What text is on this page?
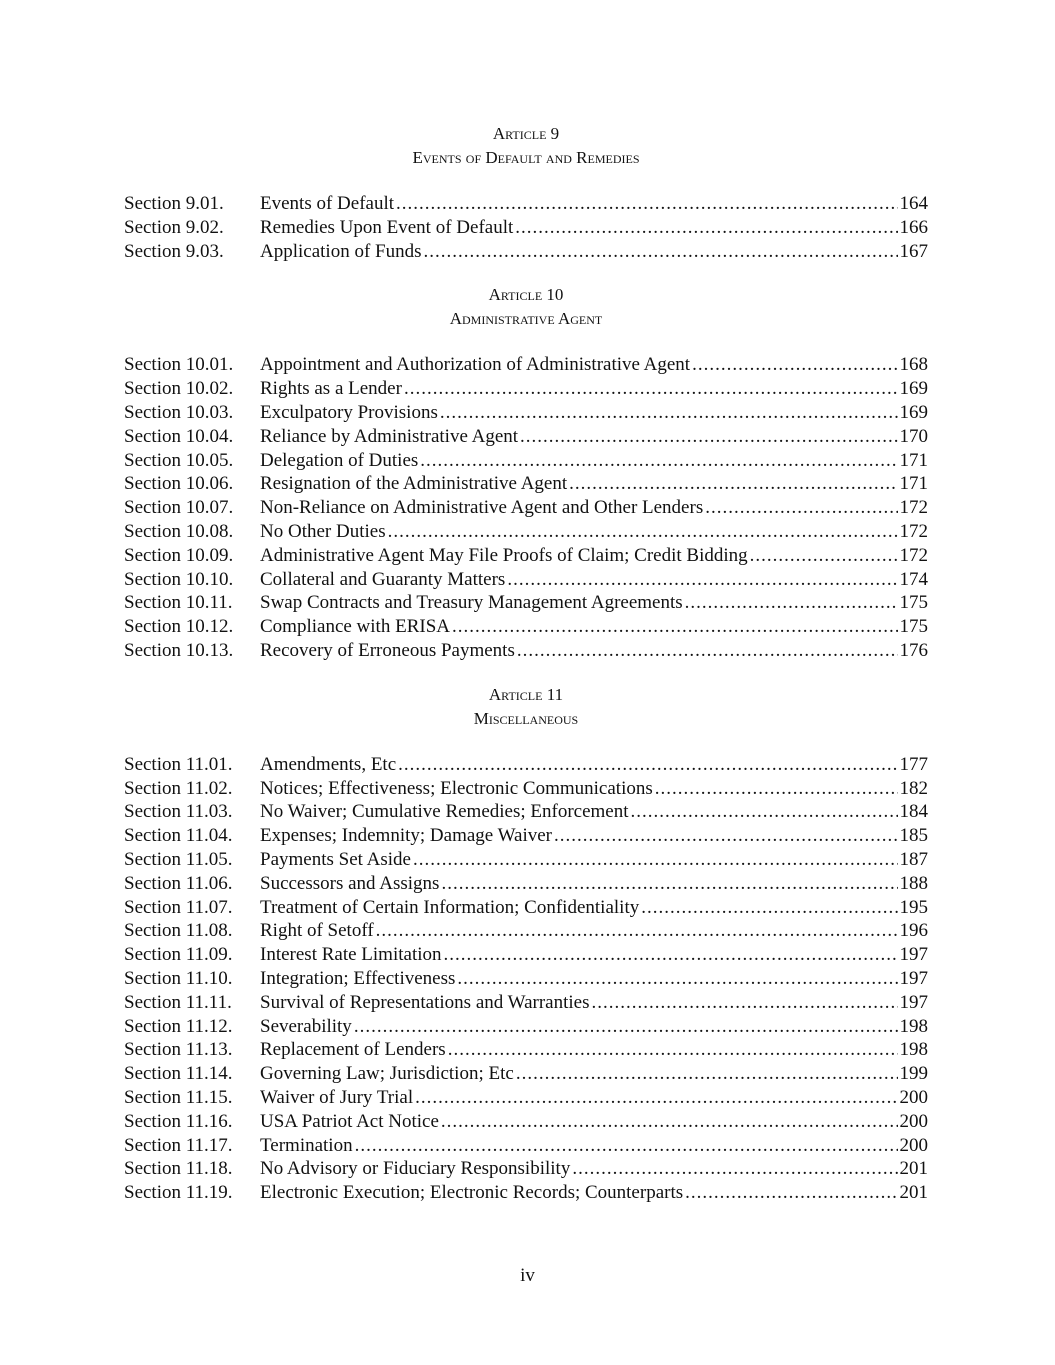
Article 9
Events of Default and Remedies
Section 9.01.	Events of Default .....	164
Section 9.02.	Remedies Upon Event of Default .....	166
Section 9.03.	Application of Funds .....	167
Article 10
Administrative Agent
Section 10.01.	Appointment and Authorization of Administrative Agent .....	168
Section 10.02.	Rights as a Lender .....	169
Section 10.03.	Exculpatory Provisions .....	169
Section 10.04.	Reliance by Administrative Agent .....	170
Section 10.05.	Delegation of Duties .....	171
Section 10.06.	Resignation of the Administrative Agent .....	171
Section 10.07.	Non-Reliance on Administrative Agent and Other Lenders .....	172
Section 10.08.	No Other Duties .....	172
Section 10.09.	Administrative Agent May File Proofs of Claim; Credit Bidding .....	172
Section 10.10.	Collateral and Guaranty Matters .....	174
Section 10.11.	Swap Contracts and Treasury Management Agreements .....	175
Section 10.12.	Compliance with ERISA .....	175
Section 10.13.	Recovery of Erroneous Payments .....	176
Article 11
Miscellaneous
Section 11.01.	Amendments, Etc .....	177
Section 11.02.	Notices; Effectiveness; Electronic Communications .....	182
Section 11.03.	No Waiver; Cumulative Remedies; Enforcement .....	184
Section 11.04.	Expenses; Indemnity; Damage Waiver .....	185
Section 11.05.	Payments Set Aside .....	187
Section 11.06.	Successors and Assigns .....	188
Section 11.07.	Treatment of Certain Information; Confidentiality .....	195
Section 11.08.	Right of Setoff .....	196
Section 11.09.	Interest Rate Limitation .....	197
Section 11.10.	Integration; Effectiveness .....	197
Section 11.11.	Survival of Representations and Warranties .....	197
Section 11.12.	Severability .....	198
Section 11.13.	Replacement of Lenders .....	198
Section 11.14.	Governing Law; Jurisdiction; Etc .....	199
Section 11.15.	Waiver of Jury Trial .....	200
Section 11.16.	USA Patriot Act Notice .....	200
Section 11.17.	Termination .....	200
Section 11.18.	No Advisory or Fiduciary Responsibility .....	201
Section 11.19.	Electronic Execution; Electronic Records; Counterparts .....	201
iv
